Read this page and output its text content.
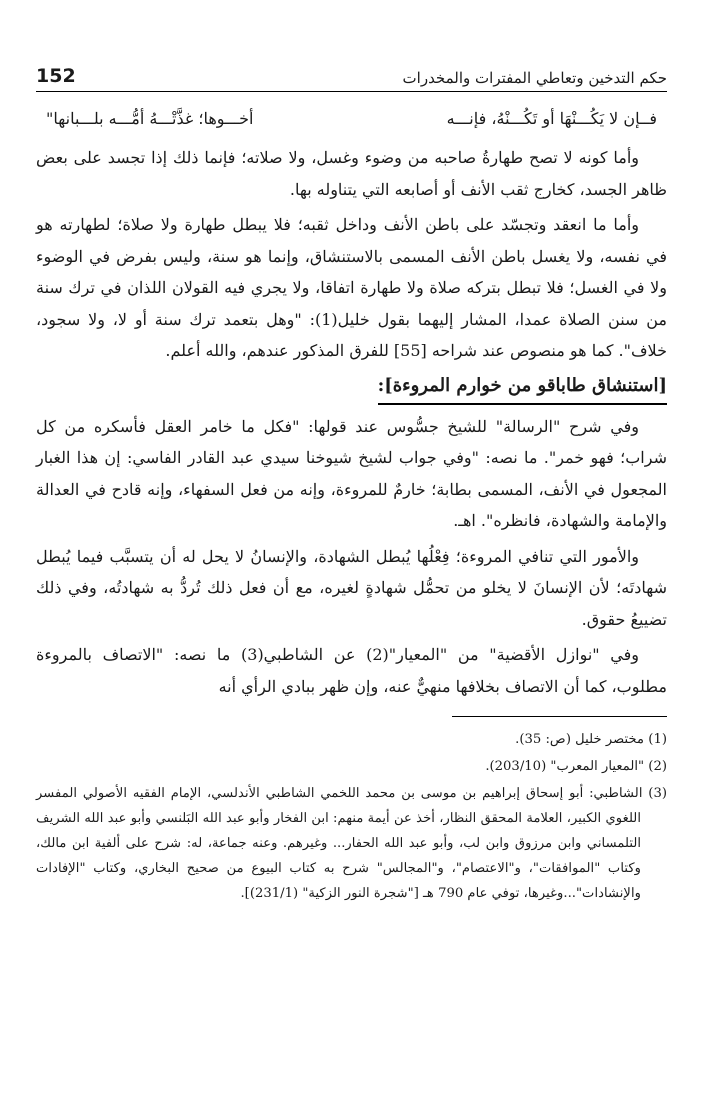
حكم التدخين وتعاطي المفترات والمخدرات
152
فــإن لا يَكُـــنْهَا أو تَكُـــنْهُ، فإنـــه
أخـــوها؛ غذَّتْـــهُ أمُّـــه بلـــبانها"

وأما كونه لا تصح طهارةُ صاحبه من وضوء وغسل، ولا صلاته؛ فإنما ذلك إذا تجسد على بعض ظاهر الجسد، كخارج ثقب الأنف أو أصابعه التي يتناوله بها.

وأما ما انعقد وتجسّد على باطن الأنف وداخل ثقبه؛ فلا يبطل طهارة ولا صلاة؛ لطهارته هو في نفسه، ولا يغسل باطن الأنف المسمى بالاستنشاق، وإنما هو سنة، وليس بفرض في الوضوء ولا في الغسل؛ فلا تبطل بتركه صلاة ولا طهارة اتفاقا، ولا يجري فيه القولان اللذان في ترك سنة من سنن الصلاة عمدا، المشار إليهما بقول خليل(1): "وهل بتعمد ترك سنة أو لا، ولا سجود، خلاف". كما هو منصوص عند شراحه [55] للفرق المذكور عندهم، والله أعلم.

[استنشاق طاباقو من خوارم المروءة]:

وفي شرح "الرسالة" للشيخ جسُّوس عند قولها: "فكل ما خامر العقل فأسكره من كل شراب؛ فهو خمر". ما نصه: "وفي جواب لشيخ شيوخنا سيدي عبد القادر الفاسي: إن هذا الغبار المجعول في الأنف، المسمى بطابة؛ خارمٌ للمروءة، وإنه من فعل السفهاء، وإنه قادح في العدالة والإمامة والشهادة، فانظره". اهـ.

والأمور التي تنافي المروءة؛ فِعْلُها يُبطل الشهادة، والإنسانُ لا يحل له أن يتسبَّب فيما يُبطل شهادتَه؛ لأن الإنسانَ لا يخلو من تحمُّل شهادةٍ لغيره، مع أن فعل ذلك تُردُّ به شهادتُه، وفي ذلك تضييعُ حقوق.

وفي "نوازل الأقضية" من "المعيار"(2) عن الشاطبي(3) ما نصه: "الاتصاف بالمروءة مطلوب، كما أن الاتصاف بخلافها منهيٌّ عنه، وإن ظهر ببادي الرأي أنه

(1) مختصر خليل (ص: 35).

(2) "المعيار المعرب" (203/10).

(3) الشاطبي: أبو إسحاق إبراهيم بن موسى بن محمد اللخمي الشاطبي الأندلسي، الإمام الفقيه الأصولي المفسر اللغوي الكبير، العلامة المحقق النظار، أخذ عن أيمة منهم: ابن الفخار وأبو عبد الله البَلنسي وأبو عبد الله الشريف التلمساني وابن مرزوق وابن لب، وأبو عبد الله الحفار... وغيرهم. وعنه جماعة، له: شرح على ألفية ابن مالك، وكتاب "الموافقات"، و"الاعتصام"، و"المجالس" شرح به كتاب البيوع من صحيح البخاري، وكتاب "الإفادات والإنشادات"...وغيرها، توفي عام 790 هـ ["شجرة النور الزكية" (231/1)].
